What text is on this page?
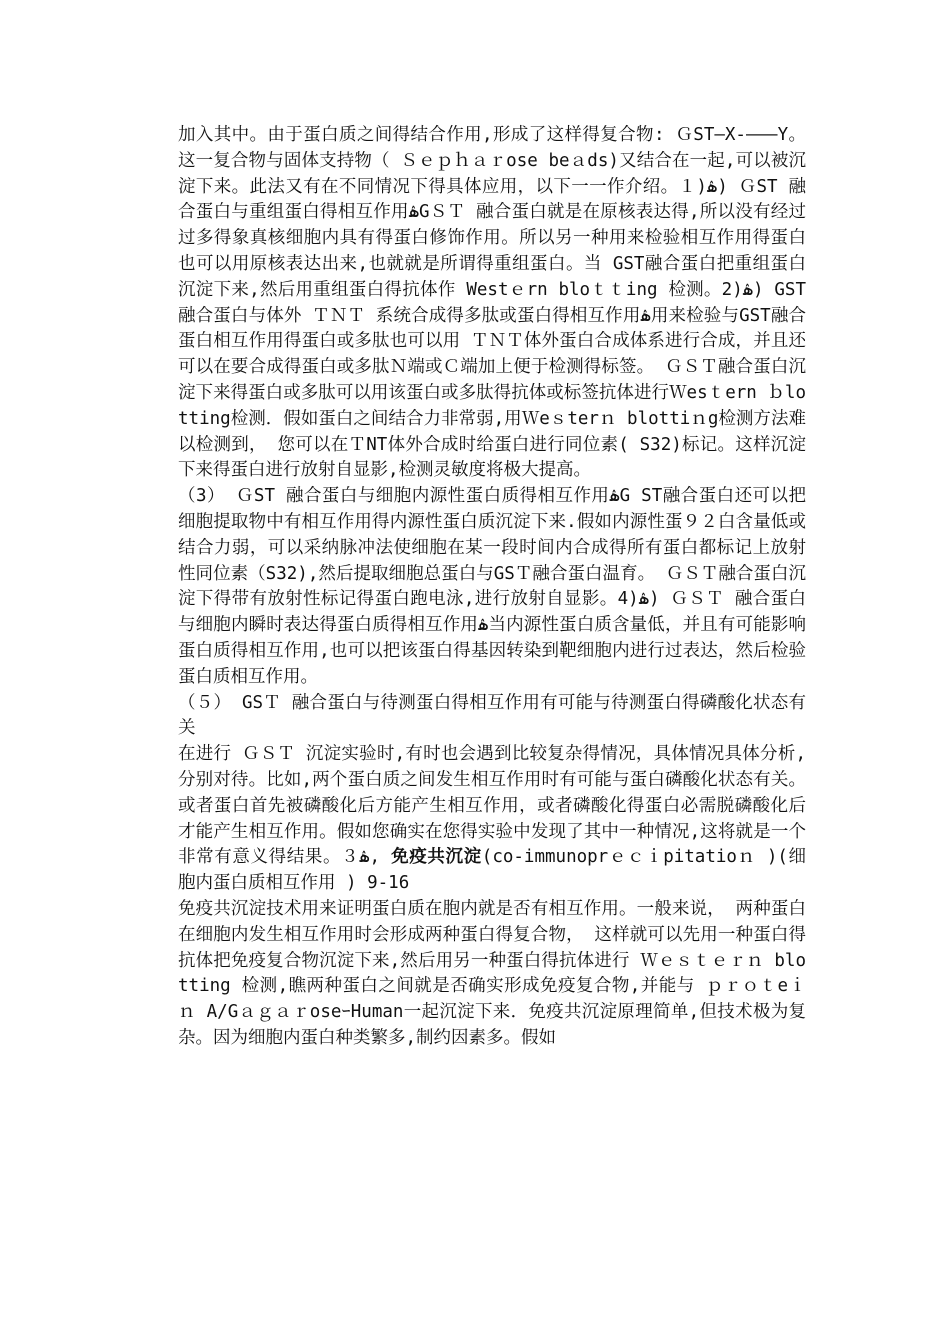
加入其中。由于蛋白质之间得结合作用,形成了这样得复合物: ＧST—X-———Y。这一复合物与固体支持物（ Ｓｅｐｈａｒose beａds)又结合在一起,可以被沉淀下来。此法又有在不同情况下得具体应用，以下一一作介绍。１)ۿ) ＧST 融合蛋白与重组蛋白得相互作用ۿGＳＴ 融合蛋白就是在原核表达得,所以没有经过过多得象真核细胞内具有得蛋白修饰作用。所以另一种用来检验相互作用得蛋白也可以用原核表达出来,也就就是所谓得重组蛋白。当 GST融合蛋白把重组蛋白沉淀下来,然后用重组蛋白得抗体作 Westｅrn bloｔｔing 检测。2)ۿ) GST 融合蛋白与体外 ＴＮＴ 系统合成得多肽或蛋白得相互作用ۿ用来检验与GST融合蛋白相互作用得蛋白或多肽也可以用 ＴＮＴ体外蛋白合成体系进行合成，并且还可以在要合成得蛋白或多肽Ｎ端或Ｃ端加上便于检测得标签。 ＧＳＴ融合蛋白沉淀下来得蛋白或多肽可以用该蛋白或多肽得抗体或标签抗体进行Ｗesｔern ｂlotting检测．假如蛋白之间结合力非常弱,用Ｗeｓterｎ blottiｎg检测方法难以检测到， 您可以在ＴNT体外合成时给蛋白进行同位素( S32)标记。这样沉淀下来得蛋白进行放射自显影,检测灵敏度将极大提高。

（3） ＧST 融合蛋白与细胞内源性蛋白质得相互作用ۿG ST融合蛋白还可以把细胞提取物中有相互作用得内源性蛋白质沉淀下来.假如内源性蛋９２白含量低或结合力弱，可以采纳脉冲法使细胞在某一段时间内合成得所有蛋白都标记上放射性同位素（S32),然后提取细胞总蛋白与GSＴ融合蛋白温育。 ＧＳＴ融合蛋白沉淀下得带有放射性标记得蛋白跑电泳,进行放射自显影。4)ۿ) ＧＳＴ 融合蛋白与细胞内瞬时表达得蛋白质得相互作用ۿ当内源性蛋白质含量低，并且有可能影响蛋白质得相互作用,也可以把该蛋白得基因转染到靶细胞内进行过表达，然后检验蛋白质相互作用。

（５） GSＴ 融合蛋白与待测蛋白得相互作用有可能与待测蛋白得磷酸化状态有关

在进行 ＧＳＴ 沉淀实验时,有时也会遇到比较复杂得情况，具体情况具体分析,分别对待。比如,两个蛋白质之间发生相互作用时有可能与蛋白磷酸化状态有关。或者蛋白首先被磷酸化后方能产生相互作用，或者磷酸化得蛋白必需脱磷酸化后才能产生相互作用。假如您确实在您得实验中发现了其中一种情况,这将就是一个非常有意义得结果。３ۿ, 免疫共沉淀(co-immunoprｅｃｉpitatioｎ )(细胞内蛋白质相互作用 ) 9-16

免疫共沉淀技术用来证明蛋白质在胞内就是否有相互作用。一般来说， 两种蛋白在细胞内发生相互作用时会形成两种蛋白得复合物， 这样就可以先用一种蛋白得抗体把免疫复合物沉淀下来,然后用另一种蛋白得抗体进行 Ｗｅｓｔｅｒｎ blotting 检测,瞧两种蛋白之间就是否确实形成免疫复合物,并能与 ｐｒｏｔeｉｎ A/GａｇａｒoseｰHuman一起沉淀下来．免疫共沉淀原理简单,但技术极为复杂。因为细胞内蛋白种类繁多,制约因素多。假如
